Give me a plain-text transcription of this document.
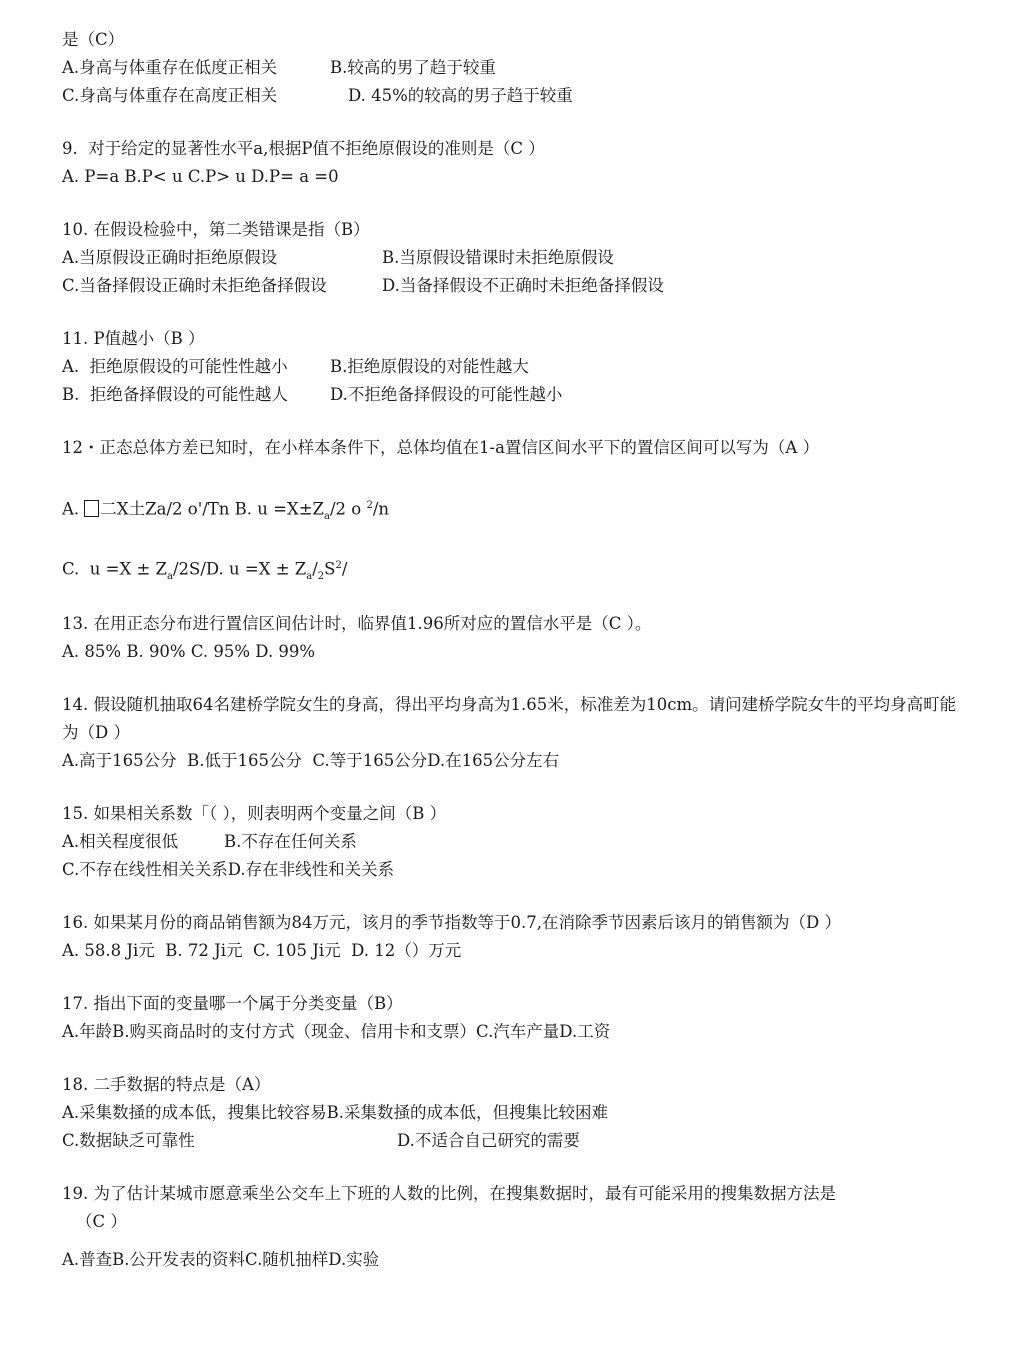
是（C）
A.身高与体重存在低度正相关	B.较高的男了趋于较重
C.身高与体重存在高度正相关	D. 45%的较高的男子趋于较重
9.  对于给定的显著性水平a,根据P值不拒绝原假设的准则是（C ）
A. P=a B.P< u C.P> u D.P= a =0
10. 在假设检验中，第二类错课是指（B）
A.当原假设正确时拒绝原假设	B.当原假设错课时未拒绝原假设
C.当备择假设正确时未拒绝备择假设	D.当备择假设不正确时未拒绝备择假设
11. P值越小（B ）
A.  拒绝原假设的可能性性越小	B.拒绝原假设的对能性越大
B.  拒绝备择假设的可能性越人	D.不拒绝备择假设的可能性越小
12・正态总体方差已知时，在小样本条件下，总体均值在1-a置信区间水平下的置信区间可以写为（A ）
A. 二X土Za/2 o'/Tn B. $u =X\pm Z_a/2$ o $^2$/n
C.  $u =X \pm Z_a/2S/D$. $u =X \pm Z_a/_2S^2/$
13. 在用正态分布进行置信区间估计时，临界值1.96所对应的置信水平是（C ）。
A. 85% B. 90% C. 95% D. 99%
14. 假设随机抽取64名建桥学院女生的身高，得出平均身高为1.65米，标准差为10cm。请问建桥学院女牛的平均身高町能为（D ）
A.高于165公分  B.低于165公分  C.等于165公分D.在165公分左右
15. 如果相关系数「（ ），则表明两个变量之间（B ）
A.相关程度很低	B.不存在任何关系
C.不存在线性相关关系D.存在非线性和关关系
16. 如果某月份的商品销售额为84万元，该月的季节指数等于0.7,在消除季节因素后该月的销售额为（D ）
A. 58.8 Ji元  B. 72 Ji元  C. 105 Ji元  D. 12（）万元
17. 指出下面的变量哪一个属于分类变量（B）
A.年龄B.购买商品时的支付方式（现金、信用卡和支票）C.汽车产量D.工资
18. 二手数据的特点是（A）
A.采集数掻的成本低，搜集比较容易B.采集数掻的成本低，但搜集比较困难
C.数据缺乏可靠性	D.不适合自己研究的需要
19. 为了估计某城市愿意乘坐公交车上下班的人数的比例，在搜集数据时，最有可能采用的搜集数据方法是
（C ）
A.普查B.公开发表的资料C.随机抽样D.实验
